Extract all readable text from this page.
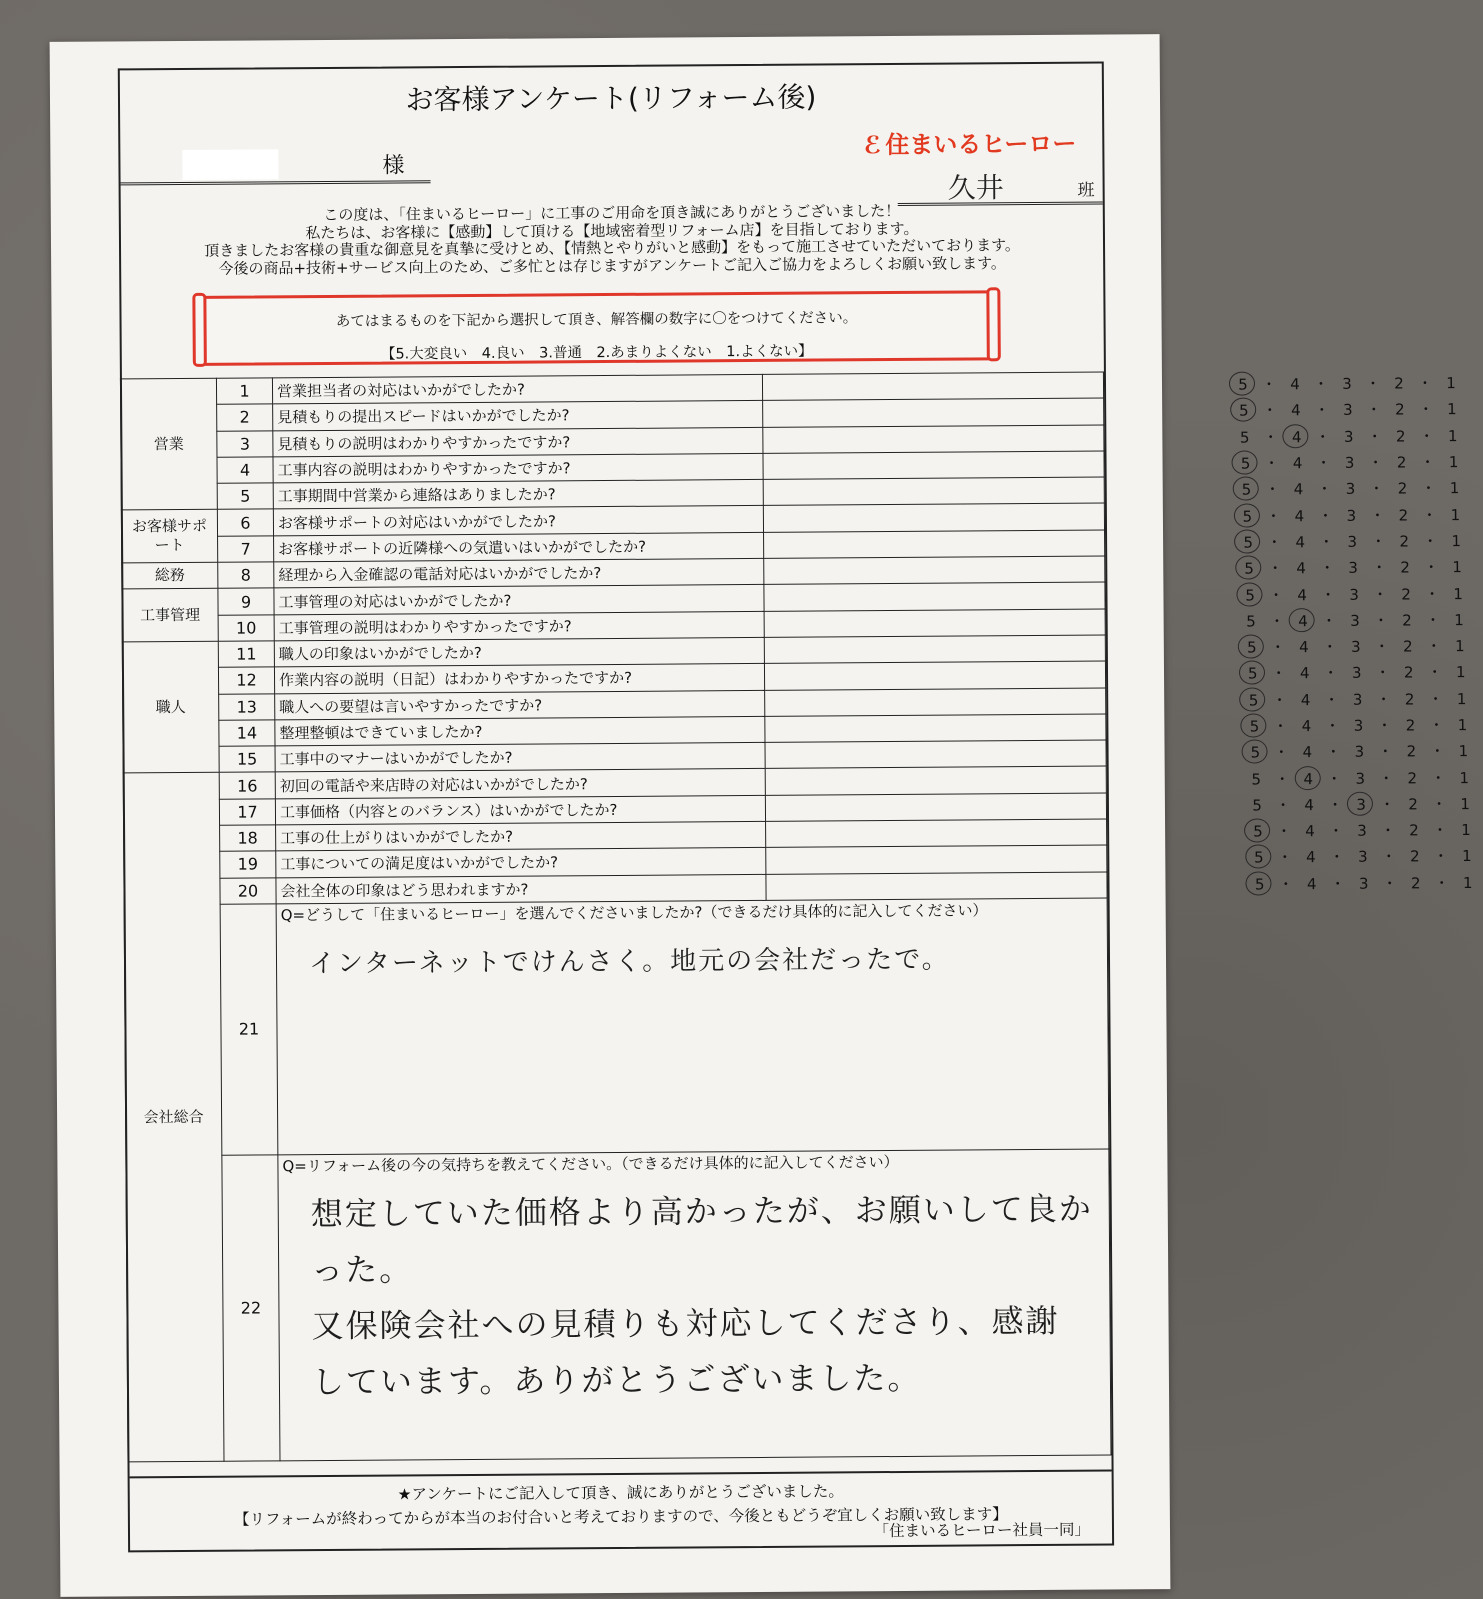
お客様アンケート(リフォーム後)
様
ℰ 住まいるヒーロー
久井	班
この度は、「住まいるヒーロー」に工事のご用命を頂き誠にありがとうございました！
私たちは、お客様に【感動】して頂ける【地域密着型リフォーム店】を目指しております。
頂きましたお客様の貴重な御意見を真摯に受けとめ、【情熱とやりがいと感動】をもって施工させていただいております。
今後の商品+技術+サービス向上のため、ご多忙とは存じますがアンケートご記入ご協力をよろしくお願い致します。
あてはまるものを下記から選択して頂き、解答欄の数字に〇をつけてください。
【5.大変良い　4.良い　3.普通　2.あまりよくない　1.よくない】
営業	1	営業担当者の対応はいかがでしたか?	5 ・ 4 ・ 3 ・ 2 ・ 1
	2	見積もりの提出スピードはいかがでしたか?	5 ・ 4 ・ 3 ・ 2 ・ 1
	3	見積もりの説明はわかりやすかったですか?	5 ・ 4 ・ 3 ・ 2 ・ 1
	4	工事内容の説明はわかりやすかったですか?	5 ・ 4 ・ 3 ・ 2 ・ 1
	5	工事期間中営業から連絡はありましたか?	5 ・ 4 ・ 3 ・ 2 ・ 1
お客様サポート	6	お客様サポートの対応はいかがでしたか?	5 ・ 4 ・ 3 ・ 2 ・ 1
	7	お客様サポートの近隣様への気遣いはいかがでしたか?	5 ・ 4 ・ 3 ・ 2 ・ 1
総務	8	経理から入金確認の電話対応はいかがでしたか?	5 ・ 4 ・ 3 ・ 2 ・ 1
工事管理	9	工事管理の対応はいかがでしたか?	5 ・ 4 ・ 3 ・ 2 ・ 1
	10	工事管理の説明はわかりやすかったですか?	5 ・ 4 ・ 3 ・ 2 ・ 1
職人	11	職人の印象はいかがでしたか?	5 ・ 4 ・ 3 ・ 2 ・ 1
	12	作業内容の説明（日記）はわかりやすかったですか?	5 ・ 4 ・ 3 ・ 2 ・ 1
	13	職人への要望は言いやすかったですか?	5 ・ 4 ・ 3 ・ 2 ・ 1
	14	整理整頓はできていましたか?	5 ・ 4 ・ 3 ・ 2 ・ 1
	15	工事中のマナーはいかがでしたか?	5 ・ 4 ・ 3 ・ 2 ・ 1
会社総合	16	初回の電話や来店時の対応はいかがでしたか?	5 ・ 4 ・ 3 ・ 2 ・ 1
	17	工事価格（内容とのバランス）はいかがでしたか?	5 ・ 4 ・ 3 ・ 2 ・ 1
	18	工事の仕上がりはいかがでしたか?	5 ・ 4 ・ 3 ・ 2 ・ 1
	19	工事についての満足度はいかがでしたか?	5 ・ 4 ・ 3 ・ 2 ・ 1
	20	会社全体の印象はどう思われますか?	5 ・ 4 ・ 3 ・ 2 ・ 1
	21	Q=どうして「住まいるヒーロー」を選んでくださいましたか?（できるだけ具体的に記入してください）
インターネットでけんさく。地元の会社だったで。	

	22	Q=リフォーム後の今の気持ちを教えてください。（できるだけ具体的に記入してください）
想定していた価格より高かったが、お願いして良かった。
又保険会社への見積りも対応してくださり、感謝
しています。ありがとうございました。	
★アンケートにご記入して頂き、誠にありがとうございました。
【リフォームが終わってからが本当のお付合いと考えておりますので、今後ともどうぞ宜しくお願い致します】
「住まいるヒーロー社員一同」
